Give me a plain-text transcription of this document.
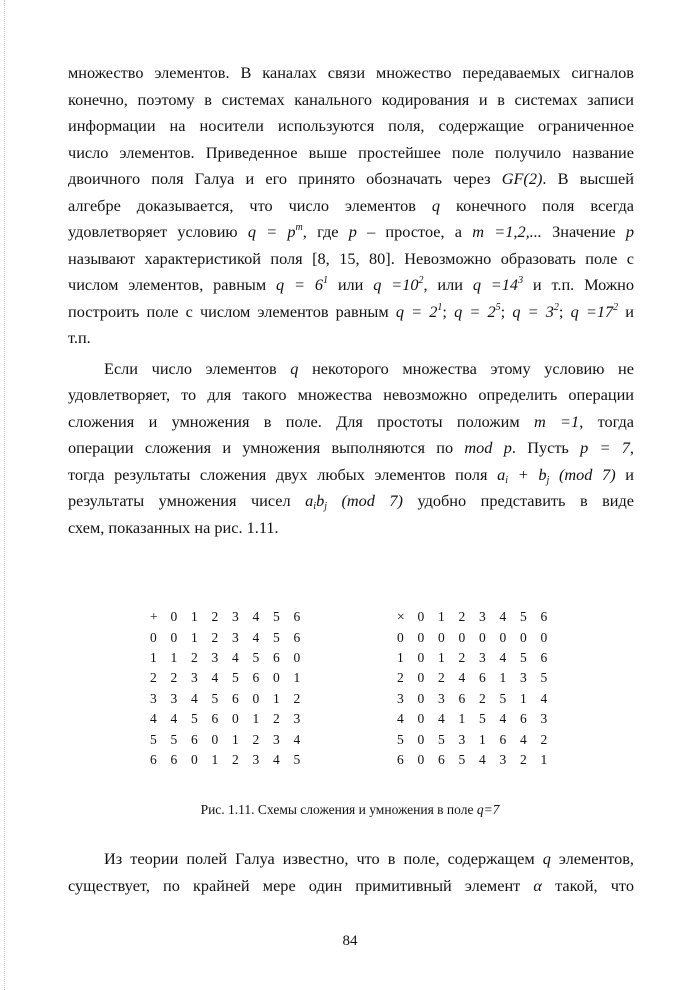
множество элементов. В каналах связи множество передаваемых сигналов
конечно, поэтому в системах канального кодирования и в системах записи
информации на носители используются поля, содержащие ограниченное
число элементов. Приведенное выше простейшее поле получило название
двоичного поля Галуа и его принято обозначать через GF(2). В высшей
алгебре доказывается, что число элементов q конечного поля всегда
удовлетворяет условию $q = p^m$, где p – простое, а m =1,2,... Значение p
называют характеристикой поля [8, 15, 80]. Невозможно образовать поле с
числом элементов, равным $q = 6^1$ или $q =10^2$, или $q =14^3$ и т.п. Можно
построить поле с числом элементов равным $q = 2^1$; $q = 2^5$; $q = 3^2$; $q =17^2$ и
т.п.
Если число элементов q некоторого множества этому условию не
удовлетворяет, то для такого множества невозможно определить операции
сложения и умножения в поле. Для простоты положим m =1, тогда
операции сложения и умножения выполняются по mod p. Пусть p = 7,
тогда результаты сложения двух любых элементов поля $a_i + b_j$ (mod 7) и
результаты умножения чисел $a_ib_j$ (mod 7) удобно представить в виде
схем, показанных на рис. 1.11.
+	0	1	2	3	4	5	6
0	0	1	2	3	4	5	6
1	1	2	3	4	5	6	0
2	2	3	4	5	6	0	1
3	3	4	5	6	0	1	2
4	4	5	6	0	1	2	3
5	5	6	0	1	2	3	4
6	6	0	1	2	3	4	5
×	0	1	2	3	4	5	6
0	0	0	0	0	0	0	0
1	0	1	2	3	4	5	6
2	0	2	4	6	1	3	5
3	0	3	6	2	5	1	4
4	0	4	1	5	4	6	3
5	0	5	3	1	6	4	2
6	0	6	5	4	3	2	1
Рис. 1.11. Схемы сложения и умножения в поле q=7
Из теории полей Галуа известно, что в поле, содержащем q элементов,
существует, по крайней мере один примитивный элемент α такой, что
84
